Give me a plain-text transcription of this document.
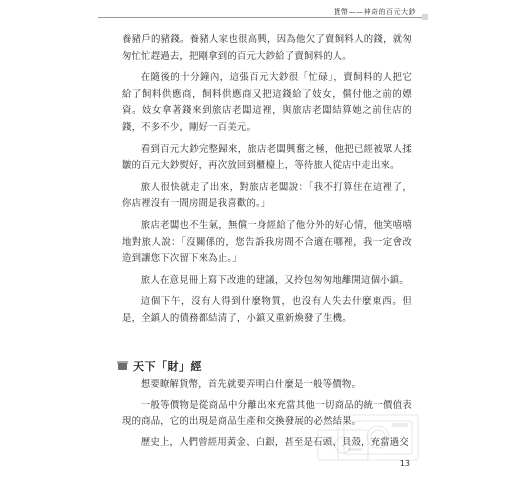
貨幣——神奇的百元大鈔

養豬戶的豬錢。養豬人家也很高興，因為他欠了賣飼料人的錢，就匆匆忙忙趕過去，把剛拿到的百元大鈔給了賣飼料的人。

在隨後的十分鐘內，這張百元大鈔很「忙碌」，賣飼料的人把它給了飼料供應商，飼料供應商又把這錢給了妓女，償付他之前的嫖資。妓女拿著錢來到旅店老闆這裡，與旅店老闆結算她之前住店的錢，不多不少，剛好一百美元。

看到百元大鈔完整歸來，旅店老闆興奮之極，他把已經被眾人揉皺的百元大鈔熨好，再次放回到櫃檯上，等待旅人從店中走出來。

旅人很快就走了出來，對旅店老闆說：「我不打算住在這裡了，你店裡沒有一間房間是我喜歡的。」

旅店老闆也不生氣，無償一身經給了他分外的好心情，他笑嘻嘻地對旅人說：「沒關係的，您告訴我房間不合適在哪裡，我一定會改造到讓您下次留下來為止。」

旅人在意見冊上寫下改進的建議，又拎包匆匆地離開這個小鎮。

這個下午，沒有人得到什麼物質，也沒有人失去什麼東西。但是，全鎮人的債務都結清了，小鎮又重新煥發了生機。

天下「財」經

想要瞭解貨幣，首先就要弄明白什麼是一般等價物。

一般等價物是從商品中分離出來充當其他一切商品的統一價值表現的商品，它的出現是商品生產和交換發展的必然結果。

歷史上，人們曾經用黃金、白銀，甚至是石頭、貝殼，充當過交

13
